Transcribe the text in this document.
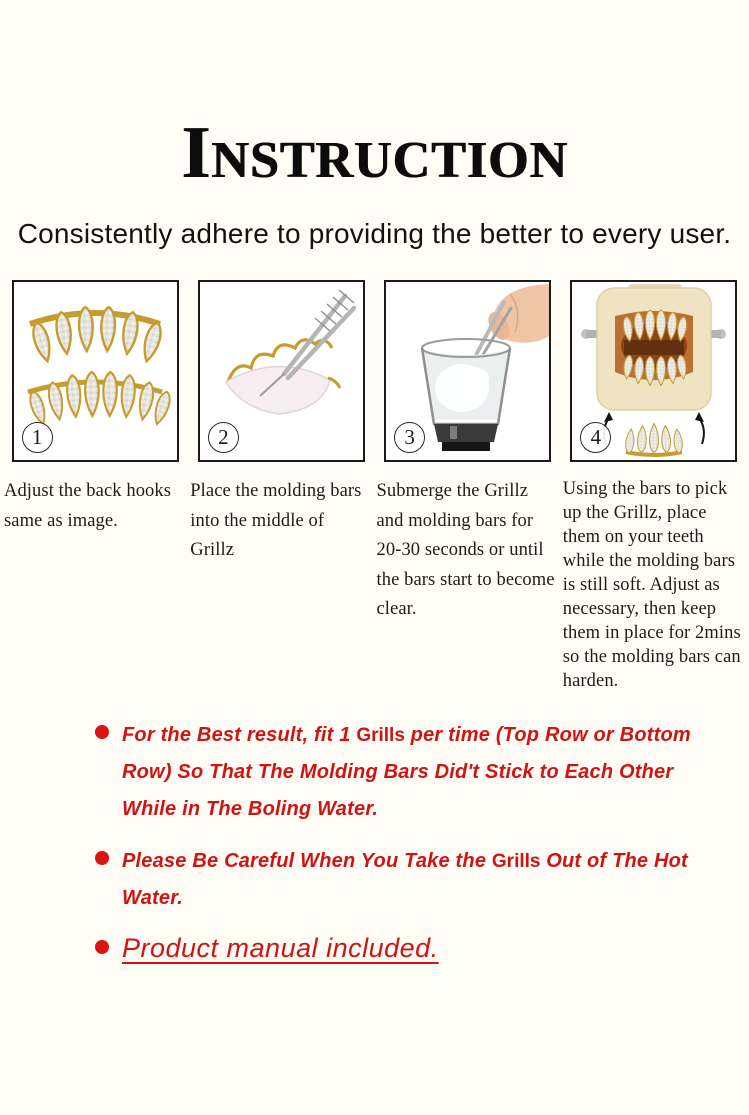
Instruction

Consistently adhere to providing the better to every user.

1

Adjust the back hooks same as image.

2

Place the molding bars into the middle of Grillz

3

Submerge the Grillz and molding bars for 20-30 seconds or until the bars start to become clear.

4

Using the bars to pick up the Grillz, place them on your teeth while the molding bars is still soft. Adjust as necessary, then keep them in place for 2mins so the molding bars can harden.

For the Best result, fit 1 Grills per time (Top Row or Bottom Row) So That The Molding Bars Did't Stick to Each Other While in The Boling Water.

Please Be Careful When You Take the Grills Out of The Hot Water.

Product manual included.
